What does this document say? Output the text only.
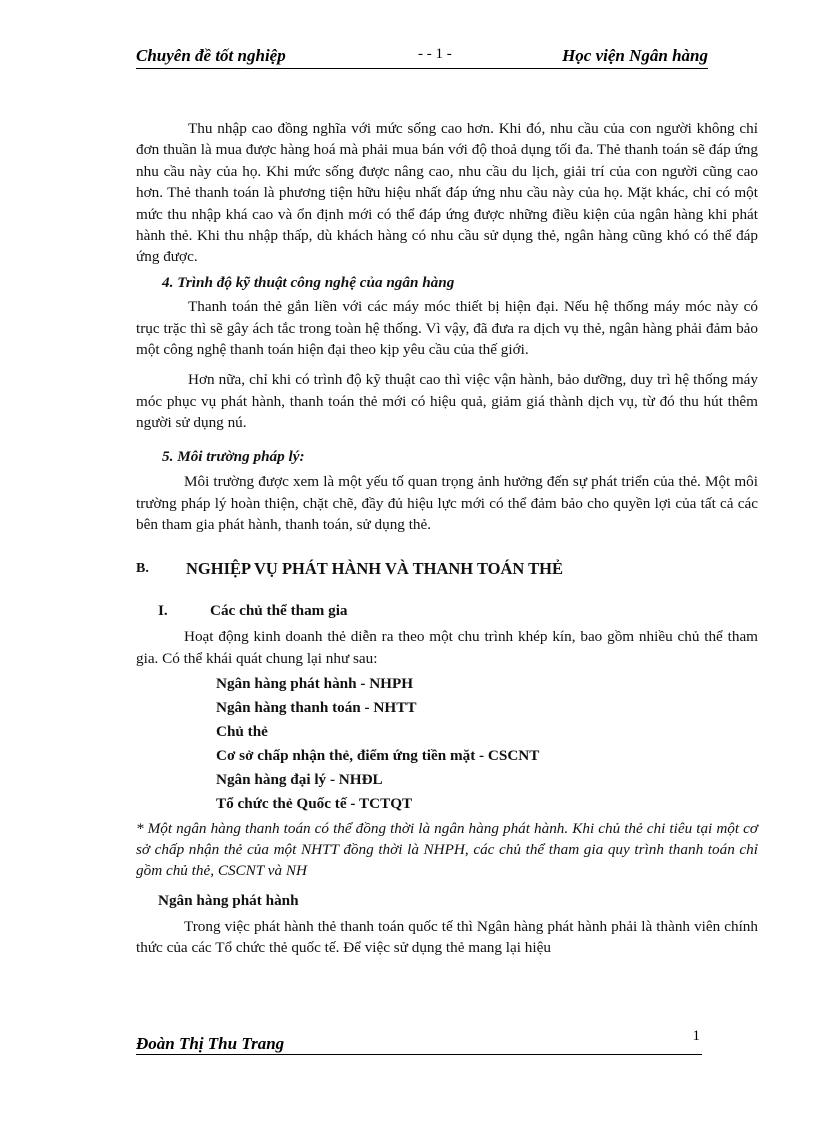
Chuyên đề tốt nghiệp	- - 1 -	Học viện Ngân hàng

Thu nhập cao đồng nghĩa với mức sống cao hơn. Khi đó, nhu cầu của con người không chỉ đơn thuần là mua được hàng hoá mà phải mua bán với độ thoả dụng tối đa. Thẻ thanh toán sẽ đáp ứng nhu cầu này của họ. Khi mức sống được nâng cao, nhu cầu du lịch, giải trí của con người cũng cao hơn. Thẻ thanh toán là phương tiện hữu hiệu nhất đáp ứng nhu cầu này của họ. Mặt khác, chỉ có một mức thu nhập khá cao và ổn định mới có thể đáp ứng được những điều kiện của ngân hàng khi phát hành thẻ. Khi thu nhập thấp, dù khách hàng có nhu cầu sử dụng thẻ, ngân hàng cũng khó có thể đáp ứng được.

4. Trình độ kỹ thuật công nghệ của ngân hàng

Thanh toán thẻ gắn liền với các máy móc thiết bị hiện đại. Nếu hệ thống máy móc này có trục trặc thì sẽ gây ách tắc trong toàn hệ thống. Vì vậy, đã đưa ra dịch vụ thẻ, ngân hàng phải đảm bảo một công nghệ thanh toán hiện đại theo kịp yêu cầu của thế giới.

Hơn nữa, chỉ khi có trình độ kỹ thuật cao thì việc vận hành, bảo dưỡng, duy trì hệ thống máy móc phục vụ phát hành, thanh toán thẻ mới có hiệu quả, giảm giá thành dịch vụ, từ đó thu hút thêm người sử dụng nú.

5. Môi trường pháp lý:

Môi trường được xem là một yếu tố quan trọng ảnh hưởng đến sự phát triển của thẻ. Một môi trường pháp lý hoàn thiện, chặt chẽ, đầy đủ hiệu lực mới có thể đảm bảo cho quyền lợi của tất cả các bên tham gia phát hành, thanh toán, sử dụng thẻ.

B. NGHIỆP VỤ PHÁT HÀNH VÀ THANH TOÁN THẺ
I.	Các chủ thể tham gia

Hoạt động kinh doanh thẻ diễn ra theo một chu trình khép kín, bao gồm nhiều chủ thể tham gia. Có thể khái quát chung lại như sau:

Ngân hàng phát hành - NHPH
Ngân hàng thanh toán - NHTT
Chủ thẻ
Cơ sở chấp nhận thẻ, điểm ứng tiền mặt - CSCNT
Ngân hàng đại lý - NHĐL
Tổ chức thẻ Quốc tế - TCTQT

* Một ngân hàng thanh toán có thể đồng thời là ngân hàng phát hành. Khi chủ thẻ chi tiêu tại một cơ sở chấp nhận thẻ của một NHTT đồng thời là NHPH, các chủ thể tham gia quy trình thanh toán chỉ gồm chủ thẻ, CSCNT và NH

Ngân hàng phát hành

Trong việc phát hành thẻ thanh toán quốc tế thì Ngân hàng phát hành phải là thành viên chính thức của các Tổ chức thẻ quốc tế. Để việc sử dụng thẻ mang lại hiệu

Đoàn Thị Thu Trang	1
